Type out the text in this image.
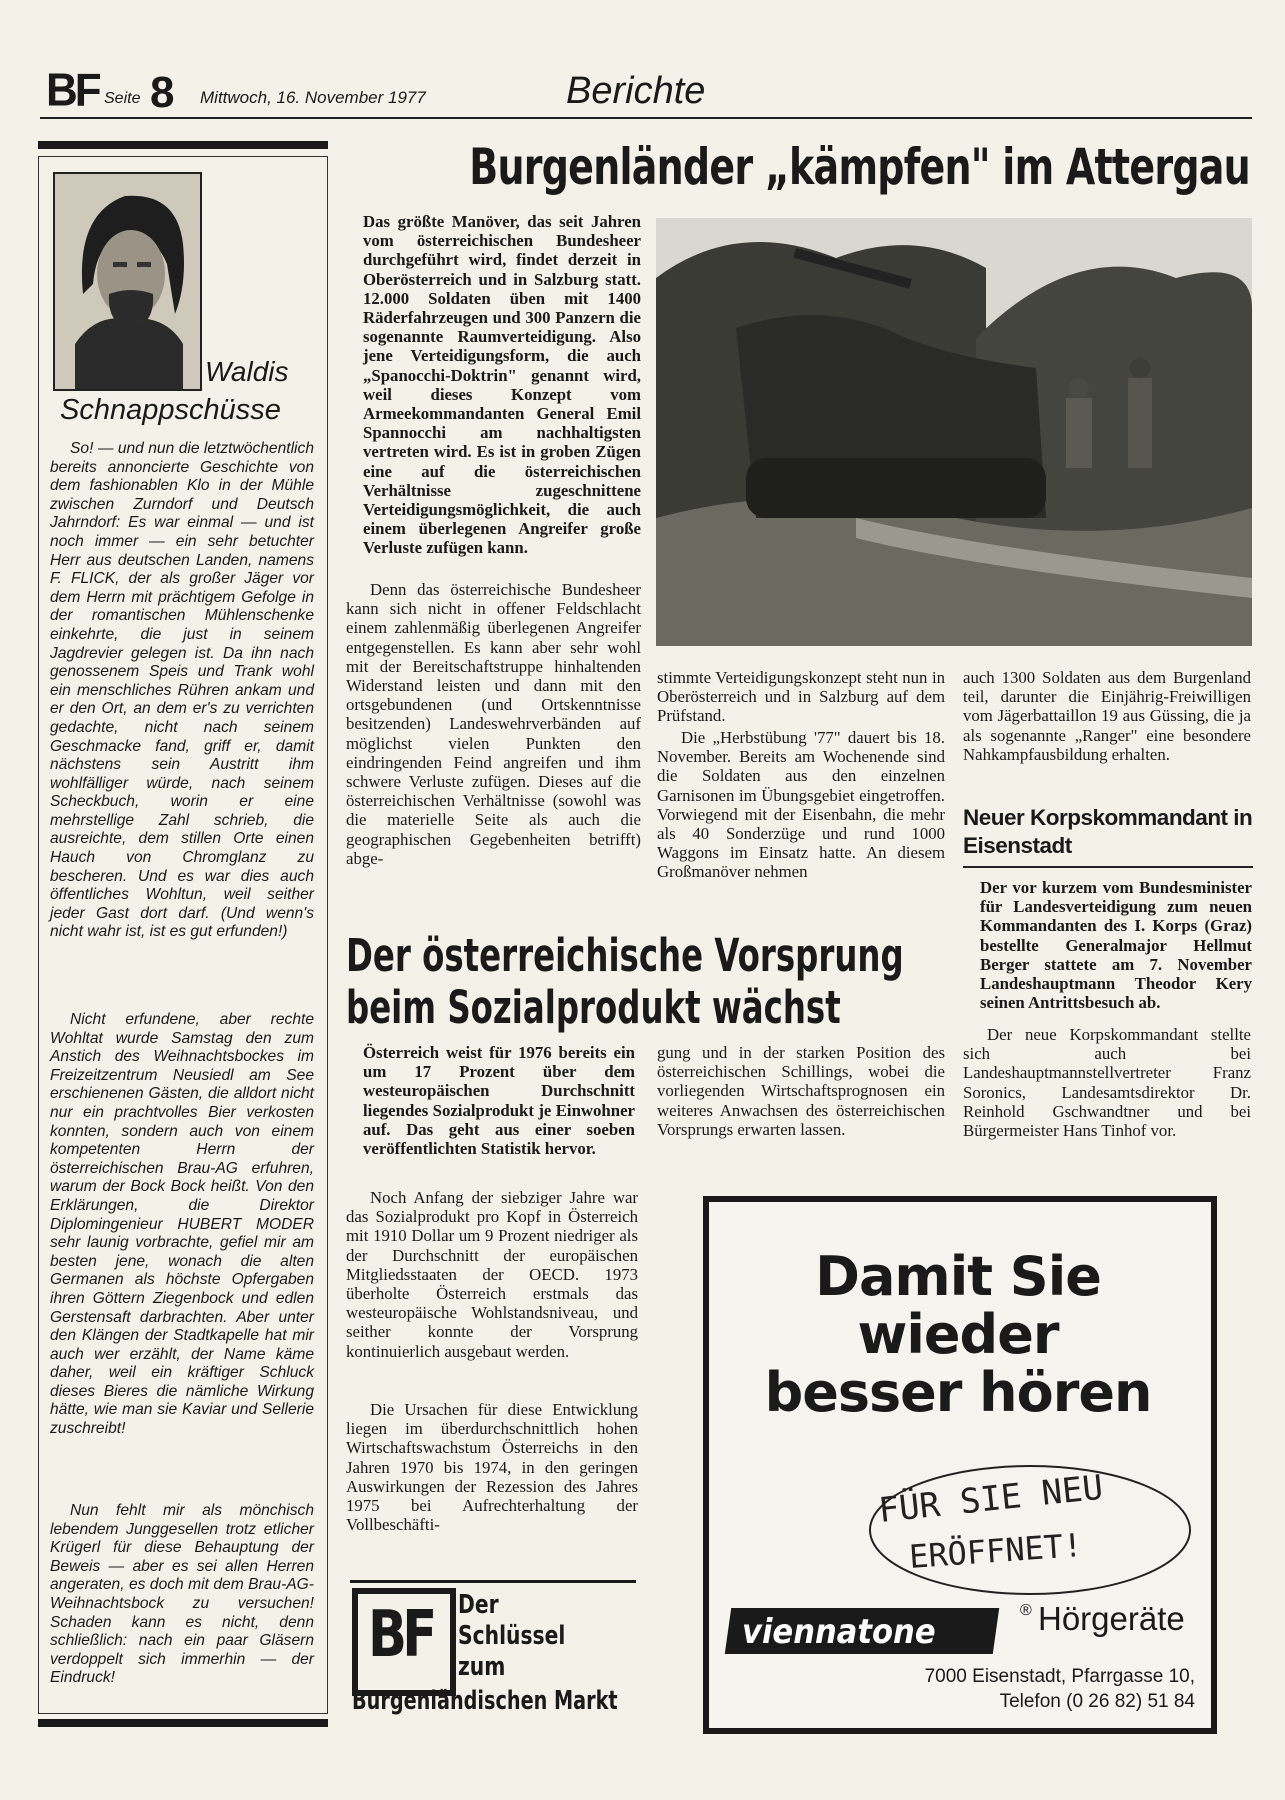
BF Seite 8 Mittwoch, 16. November 1977	Berichte
Waldis
Schnappschüsse
So! — und nun die letztwöchentlich bereits annoncierte Geschichte von dem fashionablen Klo in der Mühle zwischen Zurndorf und Deutsch Jahrndorf: Es war einmal — und ist noch immer — ein sehr betuchter Herr aus deutschen Landen, namens F. FLICK, der als großer Jäger vor dem Herrn mit prächtigem Gefolge in der romantischen Mühlenschenke einkehrte, die just in seinem Jagdrevier gelegen ist. Da ihn nach genossenem Speis und Trank wohl ein menschliches Rühren ankam und er den Ort, an dem er's zu verrichten gedachte, nicht nach seinem Geschmacke fand, griff er, damit nächstens sein Austritt ihm wohlfälliger würde, nach seinem Scheckbuch, worin er eine mehrstellige Zahl schrieb, die ausreichte, dem stillen Orte einen Hauch von Chromglanz zu bescheren. Und es war dies auch öffentliches Wohltun, weil seither jeder Gast dort darf. (Und wenn's nicht wahr ist, ist es gut erfunden!)
Nicht erfundene, aber rechte Wohltat wurde Samstag den zum Anstich des Weihnachtsbockes im Freizeitzentrum Neusiedl am See erschienenen Gästen, die alldort nicht nur ein prachtvolles Bier verkosten konnten, sondern auch von einem kompetenten Herrn der österreichischen Brau-AG erfuhren, warum der Bock Bock heißt. Von den Erklärungen, die Direktor Diplomingenieur HUBERT MODER sehr launig vorbrachte, gefiel mir am besten jene, wonach die alten Germanen als höchste Opfergaben ihren Göttern Ziegenbock und edlen Gerstensaft darbrachten. Aber unter den Klängen der Stadtkapelle hat mir auch wer erzählt, der Name käme daher, weil ein kräftiger Schluck dieses Bieres die nämliche Wirkung hätte, wie man sie Kaviar und Sellerie zuschreibt!
Nun fehlt mir als mönchisch lebendem Junggesellen trotz etlicher Krügerl für diese Behauptung der Beweis — aber es sei allen Herren angeraten, es doch mit dem Brau-AG-Weihnachtsbock zu versuchen! Schaden kann es nicht, denn schließlich: nach ein paar Gläsern verdoppelt sich immerhin — der Eindruck!
Burgenländer „kämpfen" im Attergau
Das größte Manöver, das seit Jahren vom österreichischen Bundesheer durchgeführt wird, findet derzeit in Oberösterreich und in Salzburg statt. 12.000 Soldaten üben mit 1400 Räderfahrzeugen und 300 Panzern die sogenannte Raumverteidigung. Also jene Verteidigungsform, die auch „Spanocchi-Doktrin" genannt wird, weil dieses Konzept vom Armeekommandanten General Emil Spannocchi am nachhaltigsten vertreten wird. Es ist in groben Zügen eine auf die österreichischen Verhältnisse zugeschnittene Verteidigungsmöglichkeit, die auch einem überlegenen Angreifer große Verluste zufügen kann.
Denn das österreichische Bundesheer kann sich nicht in offener Feldschlacht einem zahlenmäßig überlegenen Angreifer entgegenstellen. Es kann aber sehr wohl mit der Bereitschaftstruppe hinhaltenden Widerstand leisten und dann mit den ortsgebundenen (und Ortskenntnisse besitzenden) Landeswehrverbänden auf möglichst vielen Punkten den eindringenden Feind angreifen und ihm schwere Verluste zufügen. Dieses auf die österreichischen Verhältnisse (sowohl was die materielle Seite als auch die geographischen Gegebenheiten betrifft) abge-
stimmte Verteidigungskonzept steht nun in Oberösterreich und in Salzburg auf dem Prüfstand.
Die „Herbstübung '77" dauert bis 18. November. Bereits am Wochenende sind die Soldaten aus den einzelnen Garnisonen im Übungsgebiet eingetroffen. Vorwiegend mit der Eisenbahn, die mehr als 40 Sonderzüge und rund 1000 Waggons im Einsatz hatte. An diesem Großmanöver nehmen
auch 1300 Soldaten aus dem Burgenland teil, darunter die Einjährig-Freiwilligen vom Jägerbattaillon 19 aus Güssing, die ja als sogenannte „Ranger" eine besondere Nahkampfausbildung erhalten.
Neuer Korpskommandant in Eisenstadt
Der vor kurzem vom Bundesminister für Landesverteidigung zum neuen Kommandanten des I. Korps (Graz) bestellte Generalmajor Hellmut Berger stattete am 7. November Landeshauptmann Theodor Kery seinen Antrittsbesuch ab.
Der neue Korpskommandant stellte sich auch bei Landeshauptmannstellvertreter Franz Soronics, Landesamtsdirektor Dr. Reinhold Gschwandtner und bei Bürgermeister Hans Tinhof vor.
Der österreichische Vorsprung
beim Sozialprodukt wächst
Österreich weist für 1976 bereits ein um 17 Prozent über dem westeuropäischen Durchschnitt liegendes Sozialprodukt je Einwohner auf. Das geht aus einer soeben veröffentlichten Statistik hervor.
Noch Anfang der siebziger Jahre war das Sozialprodukt pro Kopf in Österreich mit 1910 Dollar um 9 Prozent niedriger als der Durchschnitt der europäischen Mitgliedsstaaten der OECD. 1973 überholte Österreich erstmals das westeuropäische Wohlstandsniveau, und seither konnte der Vorsprung kontinuierlich ausgebaut werden.
Die Ursachen für diese Entwicklung liegen im überdurchschnittlich hohen Wirtschaftswachstum Österreichs in den Jahren 1970 bis 1974, in den geringen Auswirkungen der Rezession des Jahres 1975 bei Aufrechterhaltung der Vollbeschäfti-
gung und in der starken Position des österreichischen Schillings, wobei die vorliegenden Wirtschaftsprognosen ein weiteres Anwachsen des österreichischen Vorsprungs erwarten lassen.
BF Der
Schlüssel
zum
Burgenländischen Markt
Damit Sie
wieder
besser hören
FÜR SIE NEU
ERÖFFNET!
viennatone
® Hörgeräte
7000 Eisenstadt, Pfarrgasse 10,
Telefon (0 26 82) 51 84
